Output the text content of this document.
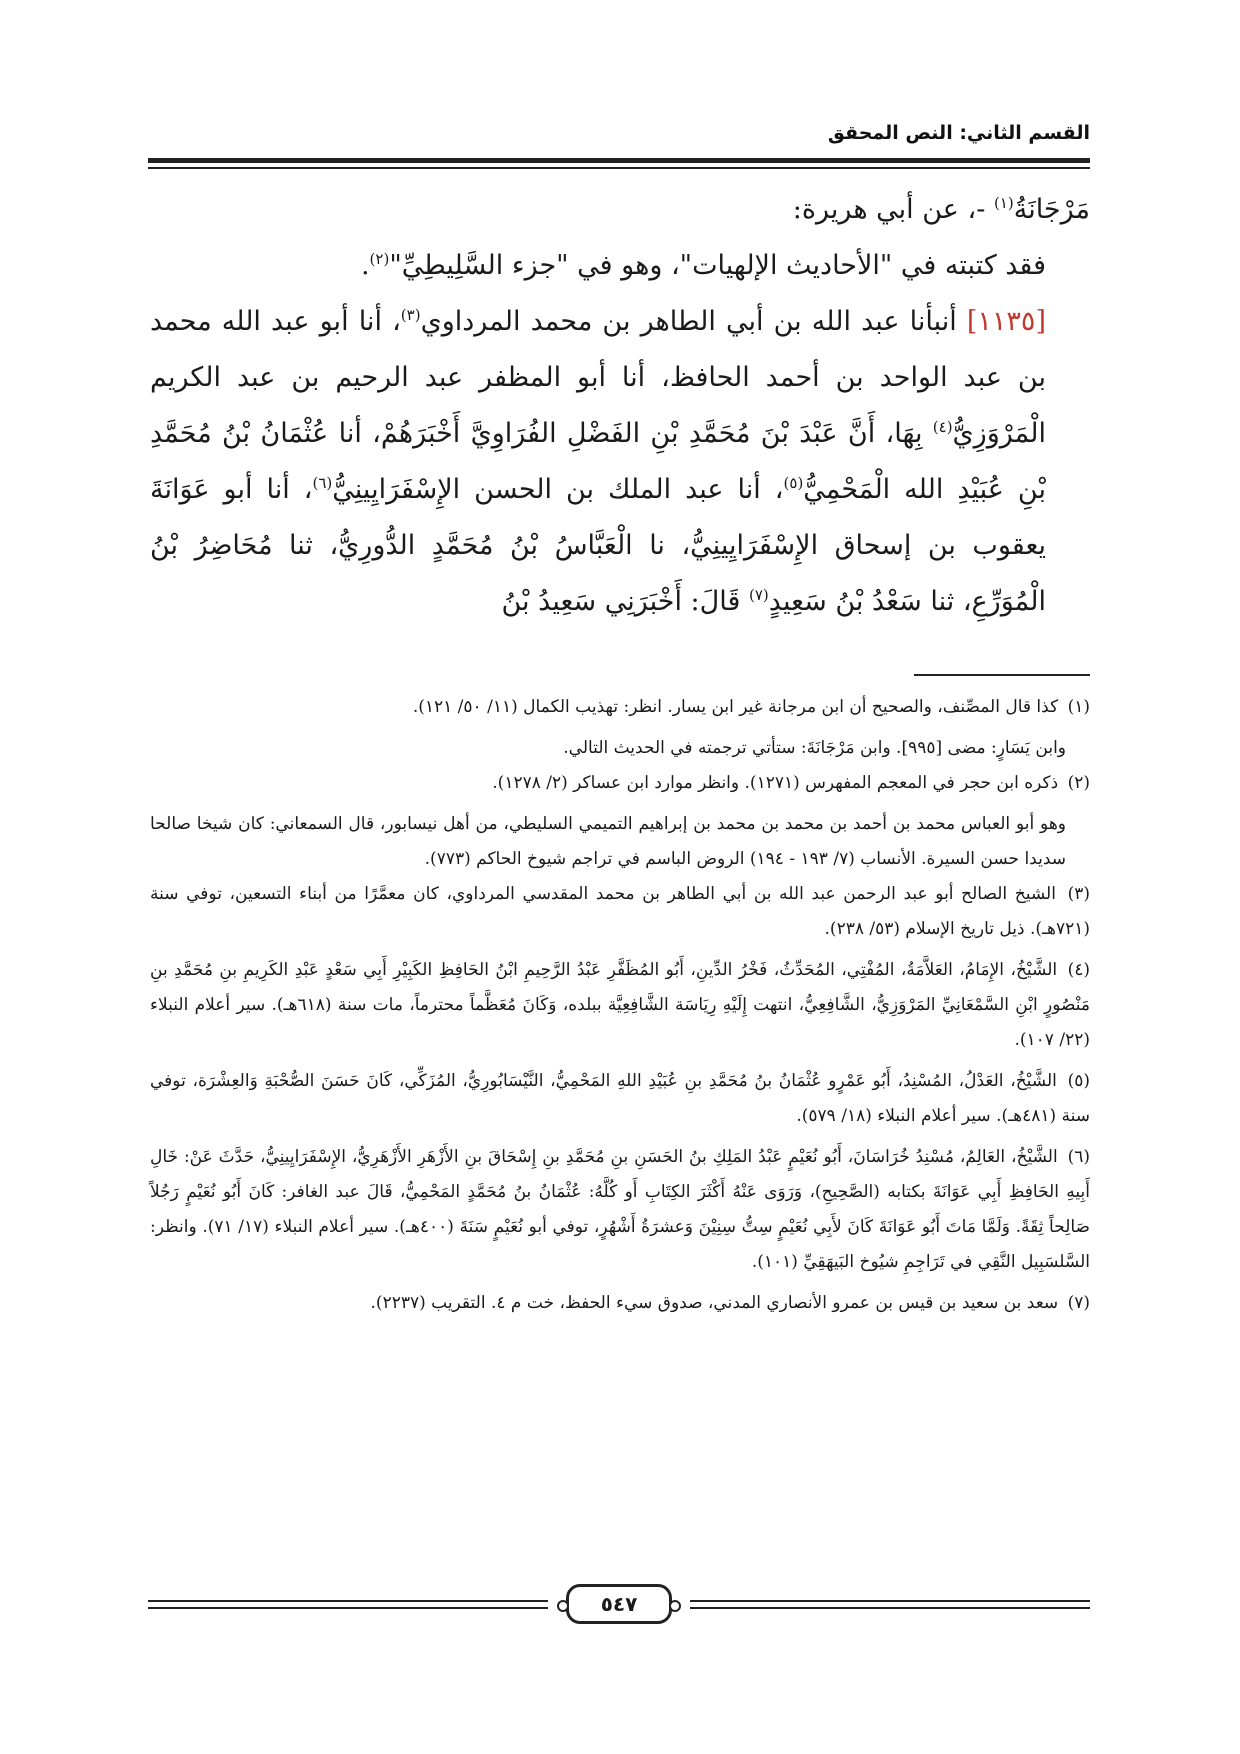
القسم الثاني: النص المحقق

مَرْجَانَةُ$^{(١)}$ -، عن أبي هريرة:

فقد كتبته في "الأحاديث الإلهيات"، وهو في "جزء السَّلِيطِيِّ"$^{(٢)}$.

[١١٣٥] أنبأنا عبد الله بن أبي الطاهر بن محمد المرداوي$^{(٣)}$، أنا أبو عبد الله محمد بن عبد الواحد بن أحمد الحافظ، أنا أبو المظفر عبد الرحيم بن عبد الكريم الْمَرْوَزِيُّ$^{(٤)}$ بِهَا، أَنَّ عَبْدَ بْنَ مُحَمَّدِ بْنِ الفَضْلِ الفُرَاوِيَّ أَخْبَرَهُمْ، أنا عُثْمَانُ بْنُ مُحَمَّدِ بْنِ عُبَيْدِ الله الْمَحْمِيُّ$^{(٥)}$، أنا عبد الملك بن الحسن الإِسْفَرَايِينِيُّ$^{(٦)}$، أنا أبو عَوَانَةَ يعقوب بن إسحاق الإِسْفَرَايِينِيُّ، نا الْعَبَّاسُ بْنُ مُحَمَّدٍ الدُّورِيُّ، ثنا مُحَاضِرُ بْنُ الْمُوَرِّعِ، ثنا سَعْدُ بْنُ سَعِيدٍ$^{(٧)}$ قَالَ: أَخْبَرَنِي سَعِيدُ بْنُ

(١) كذا قال المصِّنف، والصحيح أن ابن مرجانة غير ابن يسار. انظر: تهذيب الكمال (١١/ ٥٠/ ١٢١).

وابن يَسَارٍ: مضى [٩٩٥]. وابن مَرْجَانَةَ: ستأتي ترجمته في الحديث التالي.

(٢) ذكره ابن حجر في المعجم المفهرس (١٢٧١). وانظر موارد ابن عساكر (٢/ ١٢٧٨).

وهو أبو العباس محمد بن أحمد بن محمد بن محمد بن إبراهيم التميمي السليطي، من أهل نيسابور، قال السمعاني: كان شيخا صالحا سديدا حسن السيرة. الأنساب (٧/ ١٩٣ - ١٩٤) الروض الباسم في تراجم شيوخ الحاكم (٧٧٣).

(٣) الشيخ الصالح أبو عبد الرحمن عبد الله بن أبي الطاهر بن محمد المقدسي المرداوي، كان معمَّرًا من أبناء التسعين، توفي سنة (٧٢١هـ). ذيل تاريخ الإسلام (٥٣/ ٢٣٨).

(٤) الشَّيْخُ، الإِمَامُ، العَلاَّمَةُ، المُفْتِي، المُحَدِّثُ، فَخْرُ الدِّينِ، أَبُو المُظَفَّرِ عَبْدُ الرَّحِيمِ ابْنُ الحَافِظِ الكَبِيْرِ أَبِي سَعْدٍ عَبْدِ الكَرِيمِ بنِ مُحَمَّدِ بنِ مَنْصُورٍ ابْنِ السَّمْعَانِيِّ المَرْوَزِيُّ، الشَّافِعِيُّ، انتهت إِلَيْهِ رِيَاسَة الشَّافِعِيَّة ببلده، وَكَانَ مُعَظَّماً محترماً، مات سنة (٦١٨هـ). سير أعلام النبلاء (٢٢/ ١٠٧).

(٥) الشَّيْخُ، العَدْلُ، المُسْنِدُ، أَبُو عَمْرٍو عُثْمَانُ بنُ مُحَمَّدِ بنِ عُبَيْدِ اللهِ المَحْمِيُّ، النَّيْسَابُورِيُّ، المُزَكِّي، كَانَ حَسَنَ الصُّحْبَةِ وَالعِشْرَة، توفي سنة (٤٨١هـ). سير أعلام النبلاء (١٨/ ٥٧٩).

(٦) الشَّيْخُ، العَالِمُ، مُسْنِدُ خُرَاسَانَ، أَبُو نُعَيْمٍ عَبْدُ المَلِكِ بنُ الحَسَنِ بنِ مُحَمَّدِ بنِ إِسْحَاقَ بنِ الأَزْهَرِ الأَزْهَرِيُّ، الإِسْفَرَايِينِيُّ، حَدَّثَ عَنْ: خَالِ أَبِيهِ الحَافِظِ أَبِي عَوَانَةَ بكتابه (الصَّحِيحِ)، وَرَوَى عَنْهُ أَكْثَرَ الكِتَابِ أَو كُلَّهُ: عُثْمَانُ بنُ مُحَمَّدٍ المَحْمِيُّ، قَالَ عبد الغافر: كَانَ أَبُو نُعَيْمٍ رَجُلاً صَالِحاً ثِقَةً. وَلَمَّا مَاتَ أَبُو عَوَانَةَ كَانَ لأَبِي نُعَيْمٍ سِتُّ سِنِيْنَ وَعشرَةُ أَشْهُرٍ، توفي أبو نُعَيْمٍ سَنَةَ (٤٠٠هـ). سير أعلام النبلاء (١٧/ ٧١). وانظر: السَّلسَبِيل النَّقِي في تَرَاجِمِ شيُوخ البَيهَقِيِّ (١٠١).

(٧) سعد بن سعيد بن قيس بن عمرو الأنصاري المدني، صدوق سيء الحفظ، خت م ٤. التقريب (٢٢٣٧).

٥٤٧
